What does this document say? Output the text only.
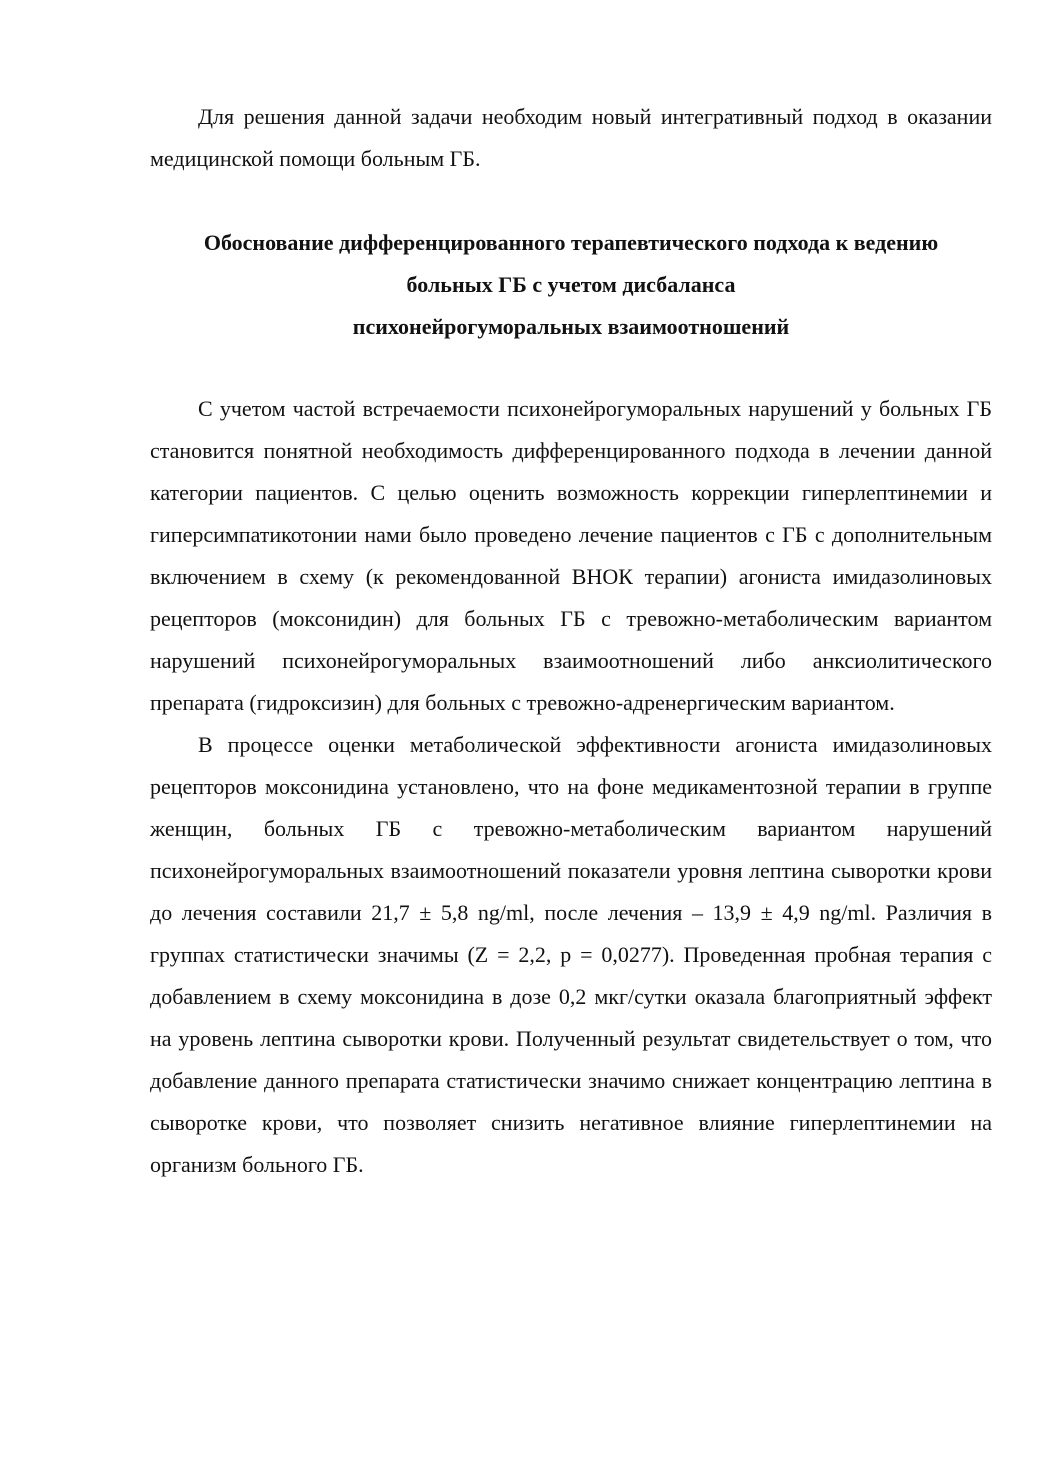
Для решения данной задачи необходим новый интегративный подход в оказании медицинской помощи больным ГБ.

Обоснование дифференцированного терапевтического подхода к ведению
больных ГБ с учетом дисбаланса
психонейрогуморальных взаимоотношений

С учетом частой встречаемости психонейрогуморальных нарушений у больных ГБ становится понятной необходимость дифференцированного подхода в лечении данной категории пациентов. С целью оценить возможность коррекции гиперлептинемии и гиперсимпатикотонии нами было проведено лечение пациентов с ГБ с дополнительным включением в схему (к рекомендованной ВНОК терапии) агониста имидазолиновых рецепторов (моксонидин) для больных ГБ с тревожно-метаболическим вариантом нарушений психонейрогуморальных взаимоотношений либо анксиолитического препарата (гидроксизин) для больных с тревожно-адренергическим вариантом.

В процессе оценки метаболической эффективности агониста имидазолиновых рецепторов моксонидина установлено, что на фоне медикаментозной терапии в группе женщин, больных ГБ с тревожно-метаболическим вариантом нарушений психонейрогуморальных взаимоотношений показатели уровня лептина сыворотки крови до лечения составили 21,7 ± 5,8 ng/ml, после лечения – 13,9 ± 4,9 ng/ml. Различия в группах статистически значимы (Z = 2,2, p = 0,0277). Проведенная пробная терапия с добавлением в схему моксонидина в дозе 0,2 мкг/сутки оказала благоприятный эффект на уровень лептина сыворотки крови. Полученный результат свидетельствует о том, что добавление данного препарата статистически значимо снижает концентрацию лептина в сыворотке крови, что позволяет снизить негативное влияние гиперлептинемии на организм больного ГБ.
